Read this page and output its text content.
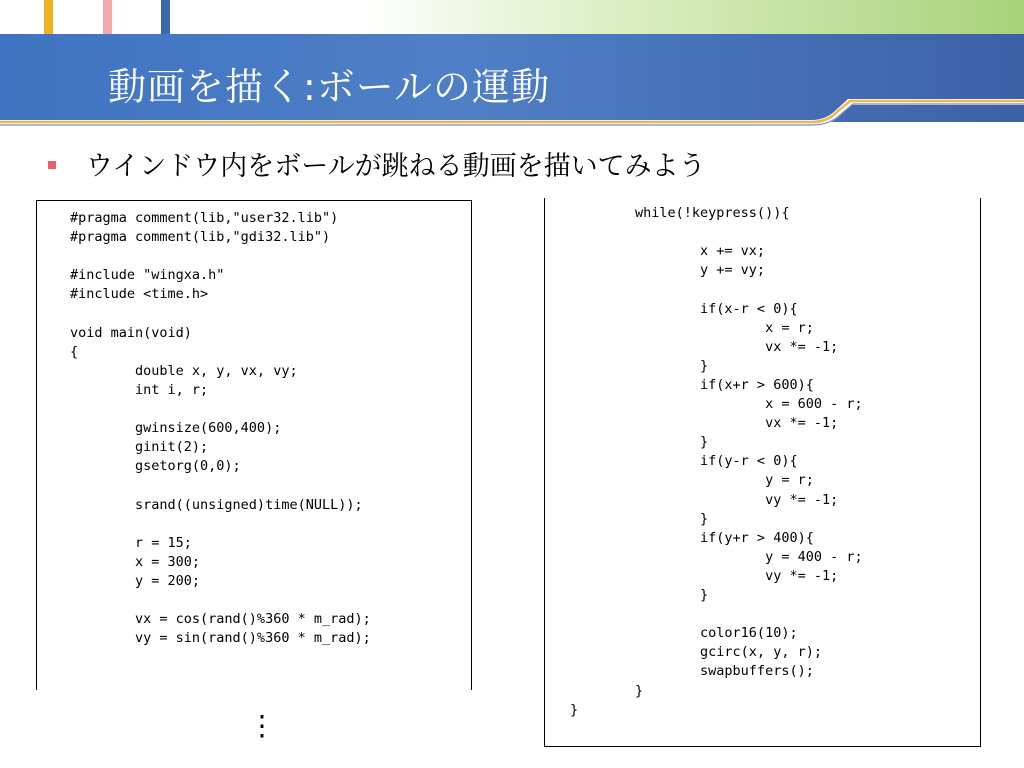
動画を描く:ボールの運動
ウインドウ内をボールが跳ねる動画を描いてみよう
#pragma comment(lib,"user32.lib")
#pragma comment(lib,"gdi32.lib")
#include "wingxa.h"
#include <time.h>
void main(void)
{
double x, y, vx, vy;
int i, r;
gwinsize(600,400);
ginit(2);
gsetorg(0,0);
srand((unsigned)time(NULL));
r = 15;
x = 300;
y = 200;
vx = cos(rand()%360 * m_rad);
vy = sin(rand()%360 * m_rad);
while(!keypress()){
x += vx;
y += vy;
if(x-r < 0){
x = r;
vx *= -1;
}
if(x+r > 600){
x = 600 - r;
vx *= -1;
}
if(y-r < 0){
y = r;
vy *= -1;
}
if(y+r > 400){
y = 400 - r;
vy *= -1;
}
color16(10);
gcirc(x, y, r);
swapbuffers();
}
}
⋮
